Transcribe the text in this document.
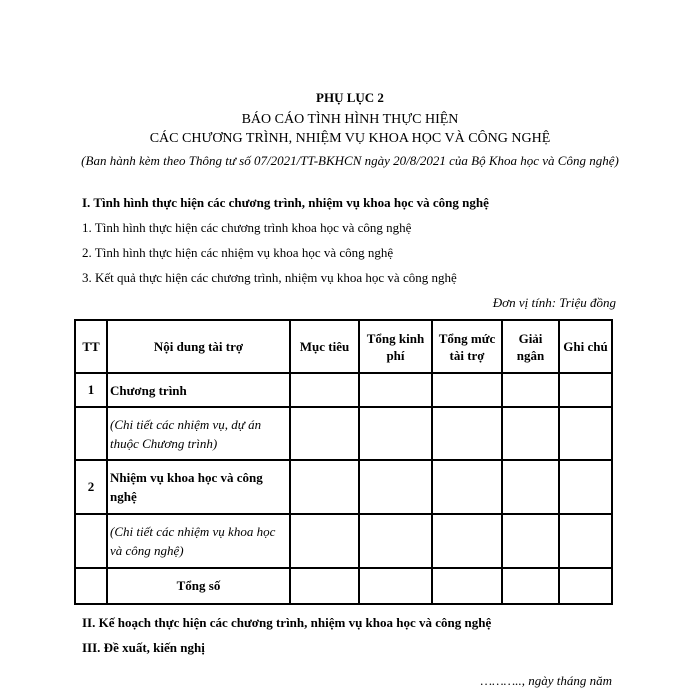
PHỤ LỤC 2
BÁO CÁO TÌNH HÌNH THỰC HIỆN
CÁC CHƯƠNG TRÌNH, NHIỆM VỤ KHOA HỌC VÀ CÔNG NGHỆ
(Ban hành kèm theo Thông tư số 07/2021/TT-BKHCN ngày 20/8/2021 của Bộ Khoa học và Công nghệ)
I. Tình hình thực hiện các chương trình, nhiệm vụ khoa học và công nghệ
1. Tình hình thực hiện các chương trình khoa học và công nghệ
2. Tình hình thực hiện các nhiệm vụ khoa học và công nghệ
3. Kết quả thực hiện các chương trình, nhiệm vụ khoa học và công nghệ
Đơn vị tính: Triệu đồng
TT	Nội dung tài trợ	Mục tiêu	Tổng kinh phí	Tổng mức tài trợ	Giải ngân	Ghi chú
1	Chương trình					
	(Chi tiết các nhiệm vụ, dự án thuộc Chương trình)					
2	Nhiệm vụ khoa học và công nghệ					
	(Chi tiết các nhiệm vụ khoa học và công nghệ)					
	Tổng số					
II. Kế hoạch thực hiện các chương trình, nhiệm vụ khoa học và công nghệ
III. Đề xuất, kiến nghị
……….., ngày tháng năm
